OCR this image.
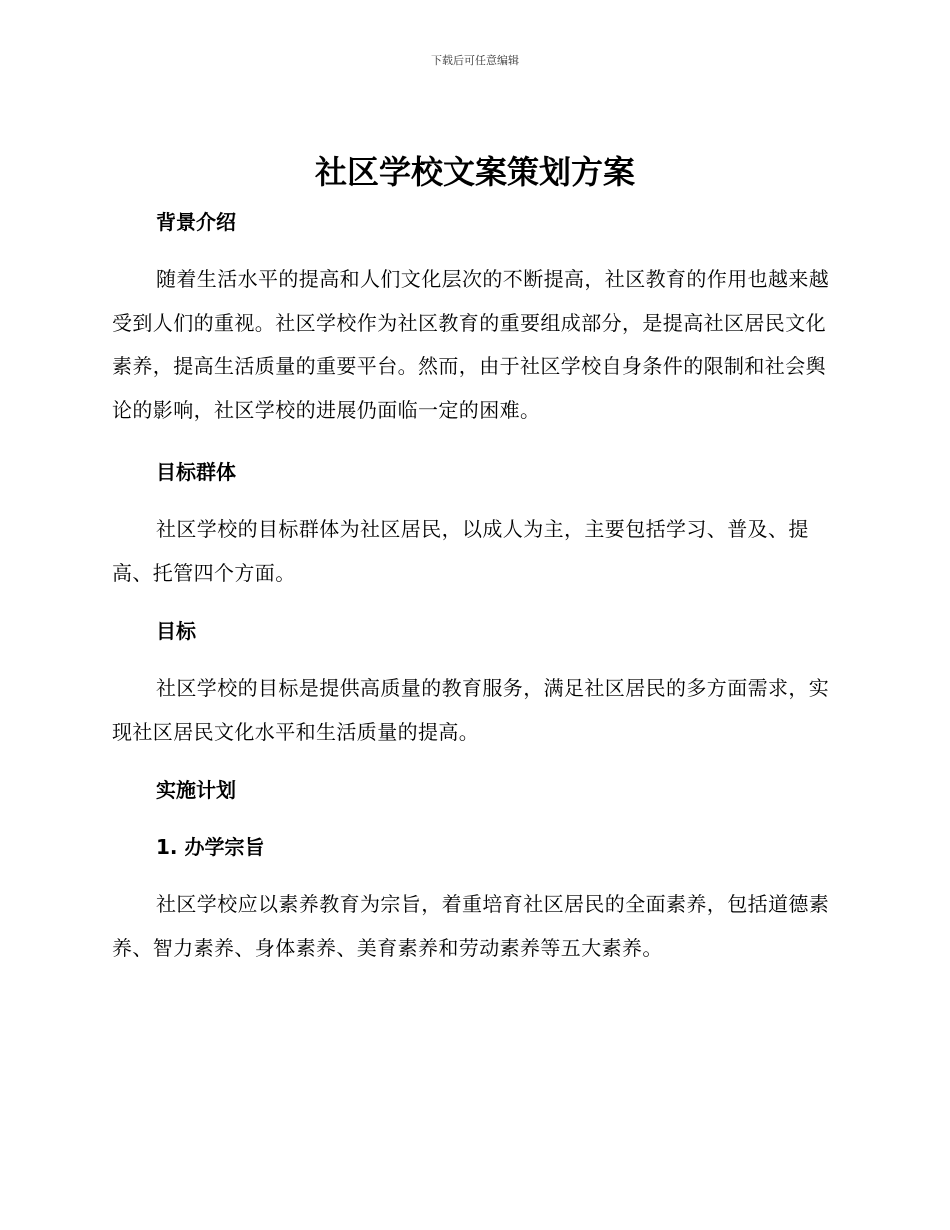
下载后可任意编辑
社区学校文案策划方案
背景介绍

随着生活水平的提高和人们文化层次的不断提高，社区教育的作用也越来越受到人们的重视。社区学校作为社区教育的重要组成部分，是提高社区居民文化素养，提高生活质量的重要平台。然而，由于社区学校自身条件的限制和社会舆论的影响，社区学校的进展仍面临一定的困难。

目标群体

社区学校的目标群体为社区居民，以成人为主，主要包括学习、普及、提高、托管四个方面。

目标

社区学校的目标是提供高质量的教育服务，满足社区居民的多方面需求，实现社区居民文化水平和生活质量的提高。

实施计划
1. 办学宗旨

社区学校应以素养教育为宗旨，着重培育社区居民的全面素养，包括道德素养、智力素养、身体素养、美育素养和劳动素养等五大素养。
